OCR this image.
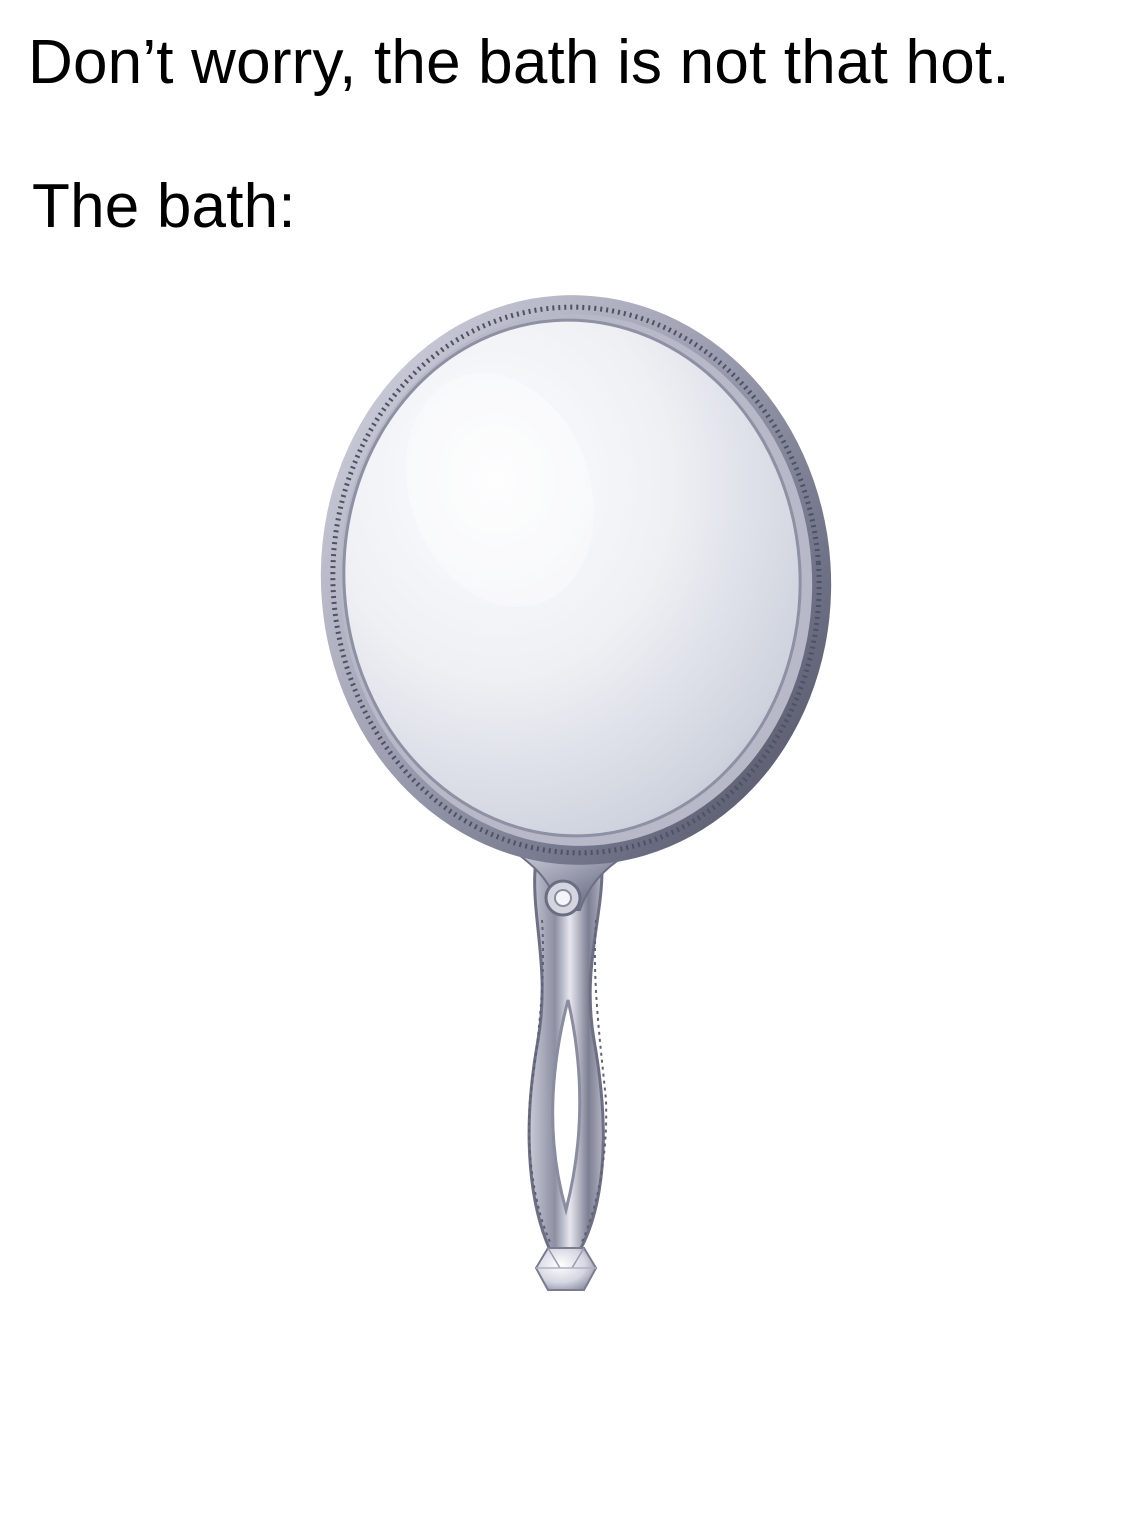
Don’t worry, the bath is not that hot.
The bath:
